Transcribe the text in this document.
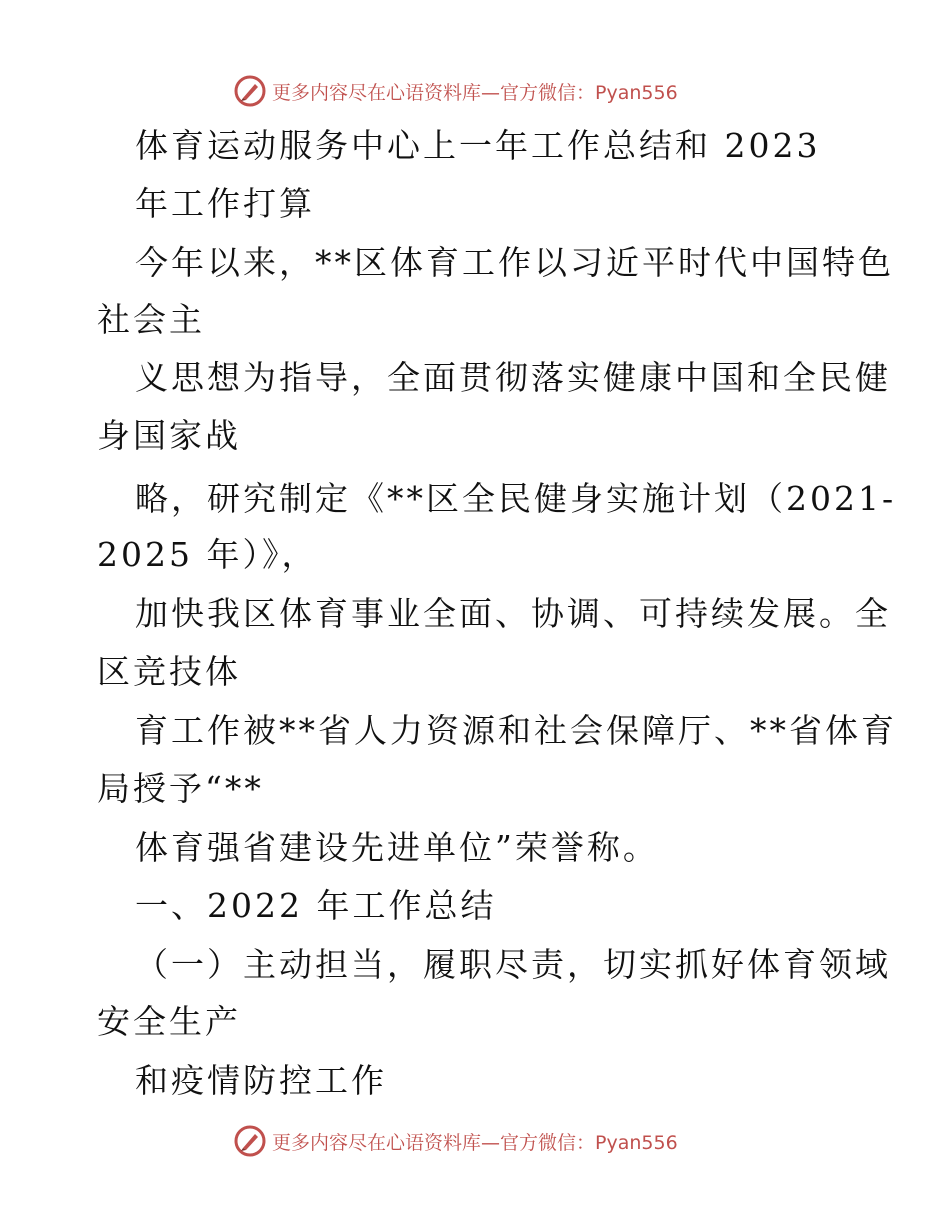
更多内容尽在心语资料库—官方微信：Pyan556
体育运动服务中心上一年工作总结和 2023
年工作打算
今年以来，**区体育工作以习近平时代中国特色
社会主
义思想为指导，全面贯彻落实健康中国和全民健
身国家战
略，研究制定《**区全民健身实施计划（2021-
2025 年）》，
加快我区体育事业全面、协调、可持续发展。全
区竞技体
育工作被**省人力资源和社会保障厅、**省体育
局授予“**
体育强省建设先进单位”荣誉称。
一、2022 年工作总结
（一）主动担当，履职尽责，切实抓好体育领域
安全生产
和疫情防控工作
更多内容尽在心语资料库—官方微信：Pyan556
